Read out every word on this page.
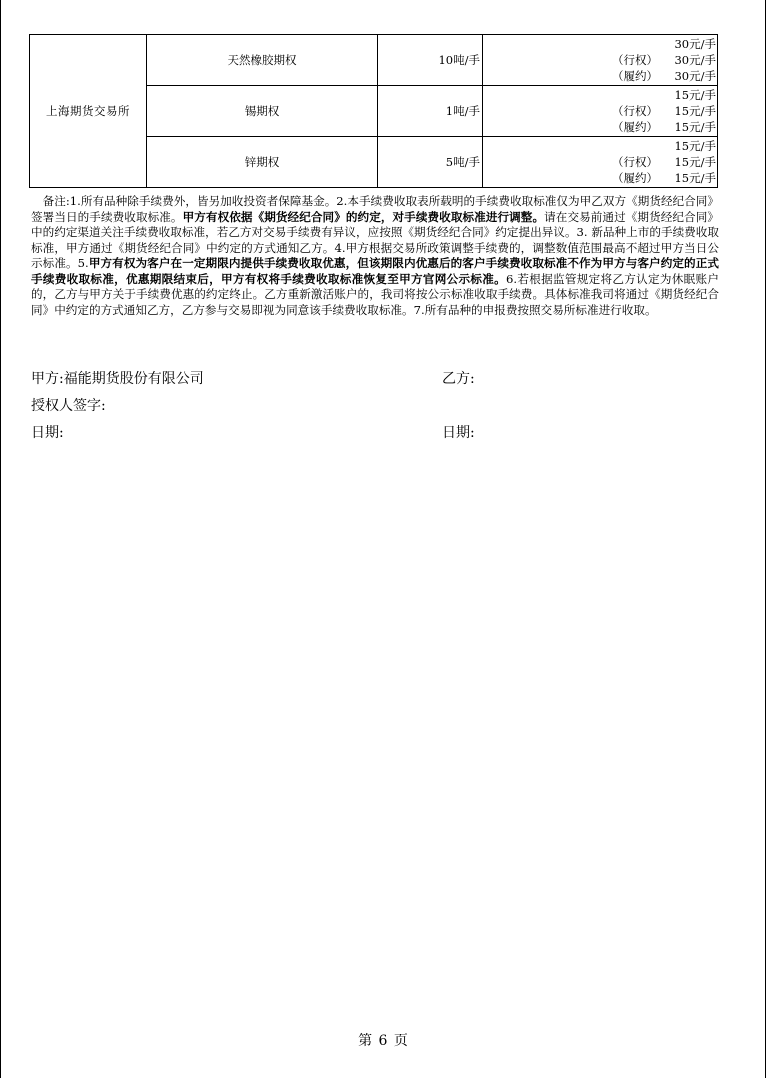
上海期货交易所	天然橡胶期权	10吨/手	30元/手
（行权） 30元/手
（履约） 30元/手

	锡期权	1吨/手	15元/手
（行权） 15元/手
（履约） 15元/手

	锌期权	5吨/手	15元/手
（行权） 15元/手
（履约） 15元/手
　备注:1.所有品种除手续费外，皆另加收投资者保障基金。2.本手续费收取表所载明的手续费收取标准仅为甲乙双方《期货经纪合同》签署当日的手续费收取标准。甲方有权依据《期货经纪合同》的约定，对手续费收取标准进行调整。请在交易前通过《期货经纪合同》中的约定渠道关注手续费收取标准，若乙方对交易手续费有异议，应按照《期货经纪合同》约定提出异议。3. 新品种上市的手续费收取标准，甲方通过《期货经纪合同》中约定的方式通知乙方。4.甲方根据交易所政策调整手续费的，调整数值范围最高不超过甲方当日公示标准。5.甲方有权为客户在一定期限内提供手续费收取优惠，但该期限内优惠后的客户手续费收取标准不作为甲方与客户约定的正式手续费收取标准，优惠期限结束后，甲方有权将手续费收取标准恢复至甲方官网公示标准。6.若根据监管规定将乙方认定为休眠账户的，乙方与甲方关于手续费优惠的约定终止。乙方重新激活账户的，我司将按公示标准收取手续费。具体标准我司将通过《期货经纪合同》中约定的方式通知乙方，乙方参与交易即视为同意该手续费收取标准。7.所有品种的申报费按照交易所标准进行收取。
甲方:福能期货股份有限公司	乙方:
授权人签字:
日期:	日期:
第 6 页
